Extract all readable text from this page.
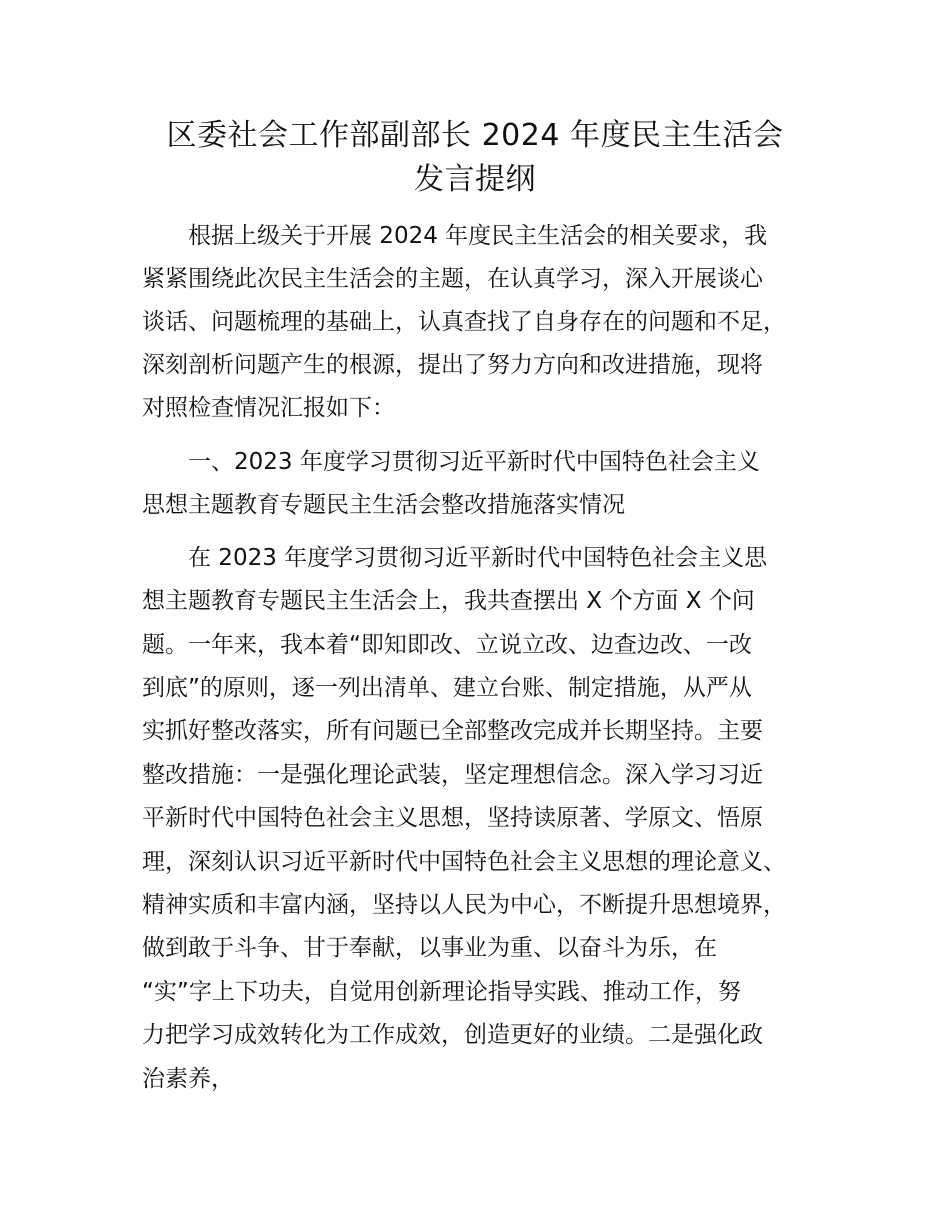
区委社会工作部副部长 2024 年度民主生活会
发言提纲
根据上级关于开展 2024 年度民主生活会的相关要求，我
紧紧围绕此次民主生活会的主题，在认真学习，深入开展谈心
谈话、问题梳理的基础上，认真查找了自身存在的问题和不足，
深刻剖析问题产生的根源，提出了努力方向和改进措施，现将
对照检查情况汇报如下：
一、2023 年度学习贯彻习近平新时代中国特色社会主义
思想主题教育专题民主生活会整改措施落实情况
在 2023 年度学习贯彻习近平新时代中国特色社会主义思
想主题教育专题民主生活会上，我共查摆出 X 个方面 X 个问
题。一年来，我本着“即知即改、立说立改、边查边改、一改
到底”的原则，逐一列出清单、建立台账、制定措施，从严从
实抓好整改落实，所有问题已全部整改完成并长期坚持。主要
整改措施：一是强化理论武装，坚定理想信念。深入学习习近
平新时代中国特色社会主义思想，坚持读原著、学原文、悟原
理，深刻认识习近平新时代中国特色社会主义思想的理论意义、
精神实质和丰富内涵，坚持以人民为中心，不断提升思想境界，
做到敢于斗争、甘于奉献，以事业为重、以奋斗为乐，在
“实”字上下功夫，自觉用创新理论指导实践、推动工作，努
力把学习成效转化为工作成效，创造更好的业绩。二是强化政
治素养，
